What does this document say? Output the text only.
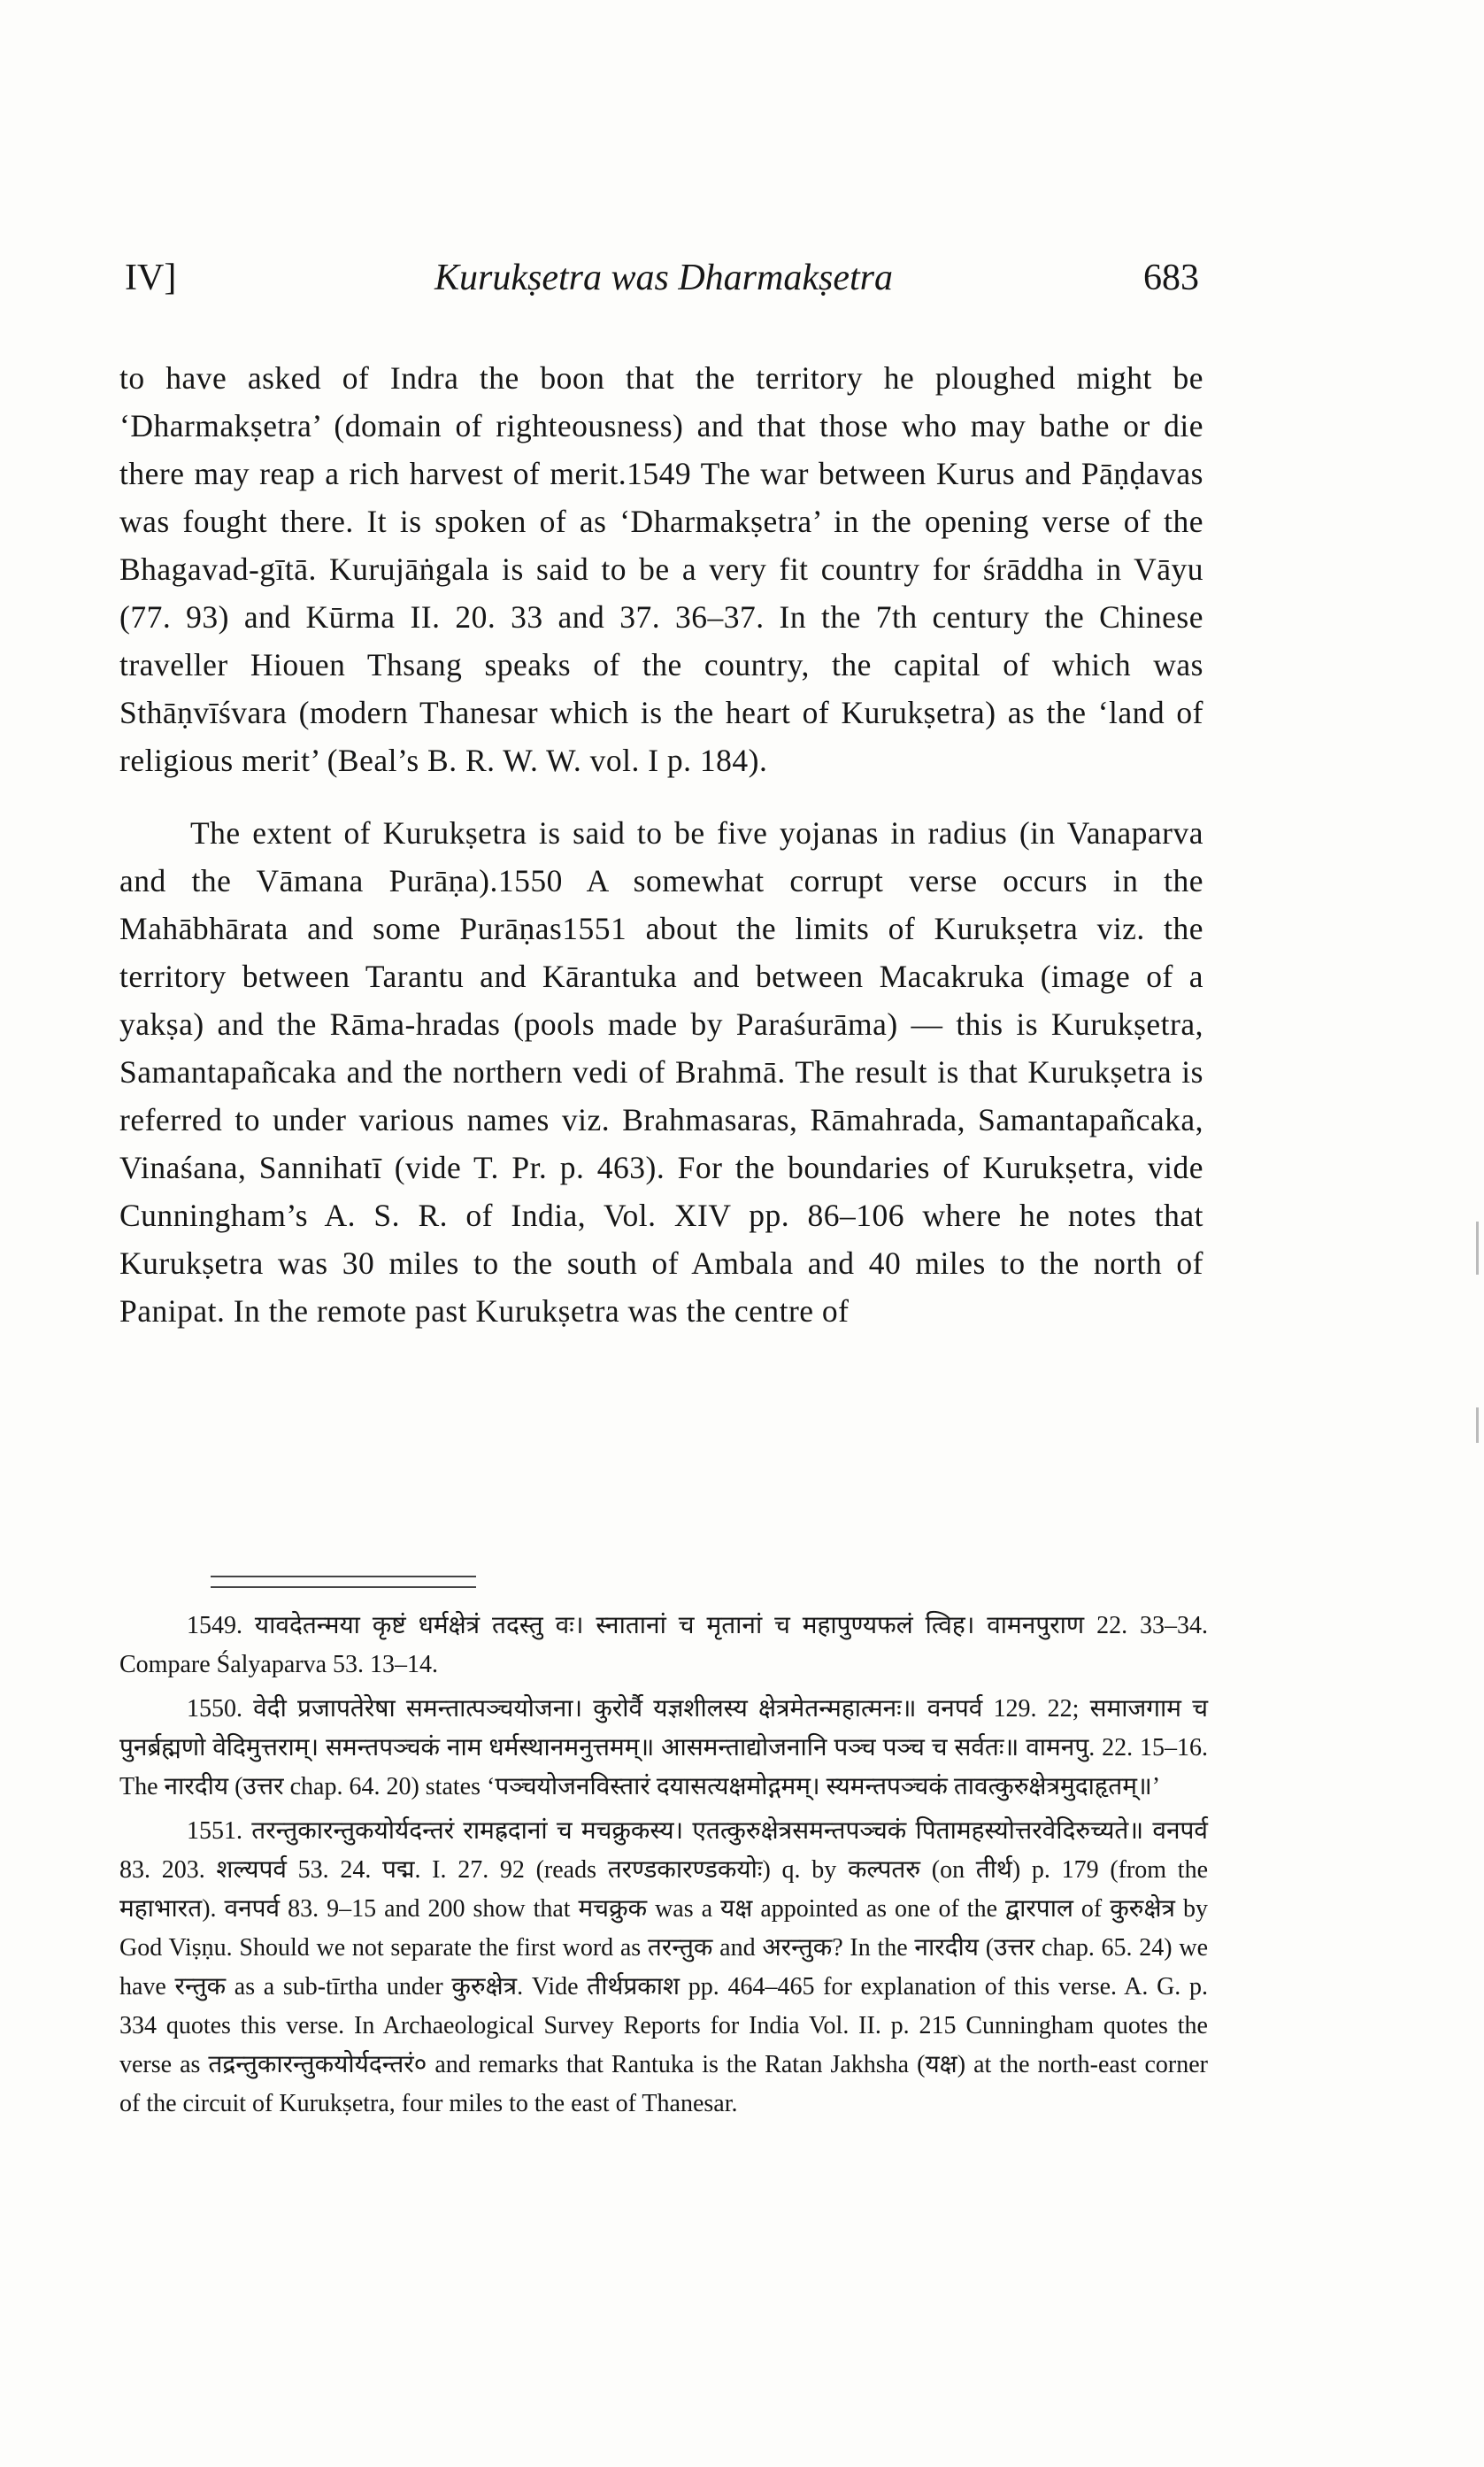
IV]	Kurukṣetra was Dharmakṣetra	683

to have asked of Indra the boon that the territory he ploughed might be ‘Dharmakṣetra’ (domain of righteousness) and that those who may bathe or die there may reap a rich harvest of merit.1549 The war between Kurus and Pāṇḍavas was fought there. It is spoken of as ‘Dharmakṣetra’ in the opening verse of the Bhagavad-gītā. Kurujāṅgala is said to be a very fit country for śrāddha in Vāyu (77. 93) and Kūrma II. 20. 33 and 37. 36–37. In the 7th century the Chinese traveller Hiouen Thsang speaks of the country, the capital of which was Sthāṇvīśvara (modern Thanesar which is the heart of Kurukṣetra) as the ‘land of religious merit’ (Beal’s B. R. W. W. vol. I p. 184).

The extent of Kurukṣetra is said to be five yojanas in radius (in Vanaparva and the Vāmana Purāṇa).1550 A somewhat corrupt verse occurs in the Mahābhārata and some Purāṇas1551 about the limits of Kurukṣetra viz. the territory between Tarantu and Kārantuka and between Macakruka (image of a yakṣa) and the Rāma-hradas (pools made by Paraśurāma) — this is Kurukṣetra, Samantapañcaka and the northern vedi of Brahmā. The result is that Kurukṣetra is referred to under various names viz. Brahmasaras, Rāmahrada, Samantapañcaka, Vinaśana, Sannihatī (vide T. Pr. p. 463). For the boundaries of Kurukṣetra, vide Cunningham’s A. S. R. of India, Vol. XIV pp. 86–106 where he notes that Kurukṣetra was 30 miles to the south of Ambala and 40 miles to the north of Panipat. In the remote past Kurukṣetra was the centre of

1549. यावदेतन्मया कृष्टं धर्मक्षेत्रं तदस्तु वः। स्नातानां च मृतानां च महापुण्यफलं त्विह। वामनपुराण 22. 33–34. Compare Śalyaparva 53. 13–14.

1550. वेदी प्रजापतेरेषा समन्तात्पञ्चयोजना। कुरोर्वै यज्ञशीलस्य क्षेत्रमेतन्महात्मनः॥ वनपर्व 129. 22; समाजगाम च पुनर्ब्रह्मणो वेदिमुत्तराम्। समन्तपञ्चकं नाम धर्मस्थानमनुत्तमम्॥ आसमन्ताद्योजनानि पञ्च पञ्च च सर्वतः॥ वामनपु. 22. 15–16. The नारदीय (उत्तर chap. 64. 20) states ‘पञ्चयोजनविस्तारं दयासत्यक्षमोद्गमम्। स्यमन्तपञ्चकं तावत्कुरुक्षेत्रमुदाहृतम्॥’

1551. तरन्तुकारन्तुकयोर्यदन्तरं रामह्रदानां च मचक्रुकस्य। एतत्कुरुक्षेत्रसमन्तपञ्चकं पितामहस्योत्तरवेदिरुच्यते॥ वनपर्व 83. 203. शल्यपर्व 53. 24. पद्म. I. 27. 92 (reads तरण्डकारण्डकयोः) q. by कल्पतरु (on तीर्थ) p. 179 (from the महाभारत). वनपर्व 83. 9–15 and 200 show that मचक्रुक was a यक्ष appointed as one of the द्वारपाल of कुरुक्षेत्र by God Viṣṇu. Should we not separate the first word as तरन्तुक and अरन्तुक? In the नारदीय (उत्तर chap. 65. 24) we have रन्तुक as a sub-tīrtha under कुरुक्षेत्र. Vide तीर्थप्रकाश pp. 464–465 for explanation of this verse. A. G. p. 334 quotes this verse. In Archaeological Survey Reports for India Vol. II. p. 215 Cunningham quotes the verse as तद्रन्तुकारन्तुकयोर्यदन्तरं० and remarks that Rantuka is the Ratan Jakhsha (यक्ष) at the north-east corner of the circuit of Kurukṣetra, four miles to the east of Thanesar.
